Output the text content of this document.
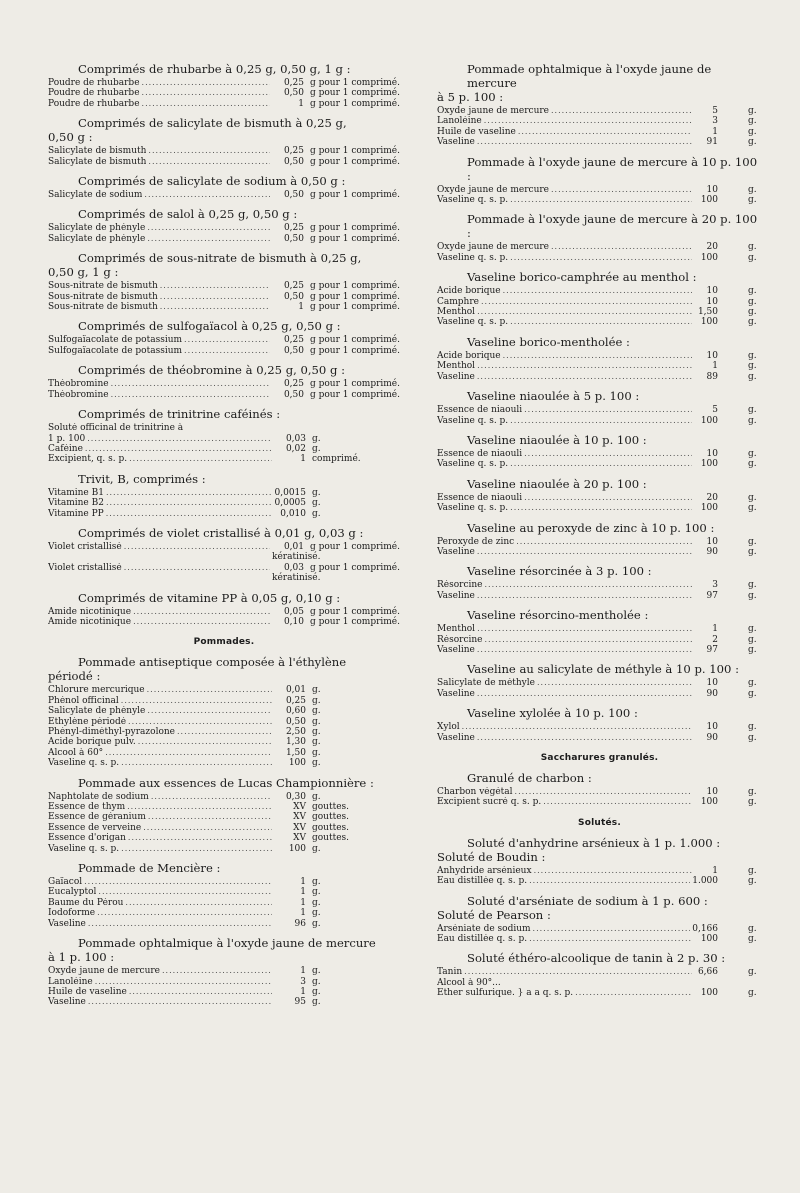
Comprimés de rhubarbe à 0,25 g, 0,50 g, 1 g :
Poudre de rhubarbe .....	0,25 g pour 1 comprimé.
Poudre de rhubarbe .....	0,50 g pour 1 comprimé.
Poudre de rhubarbe .....	1 g pour 1 comprimé.
Comprimés de salicylate de bismuth à 0,25 g,
0,50 g :
Salicylate de bismuth .....	0,25 g pour 1 comprimé.
Salicylate de bismuth .....	0,50 g pour 1 comprimé.
Comprimés de salicylate de sodium à 0,50 g :
Salicylate de sodium .....	0,50 g pour 1 comprimé.
Comprimés de salol à 0,25 g, 0,50 g :
Salicylate de phényle .....	0,25 g pour 1 comprimé.
Salicylate de phényle .....	0,50 g pour 1 comprimé.
Comprimés de sous-nitrate de bismuth à 0,25 g,
0,50 g, 1 g :
Sous-nitrate de bismuth .....	0,25 g pour 1 comprimé.
Sous-nitrate de bismuth .....	0,50 g pour 1 comprimé.
Sous-nitrate de bismuth .....	1 g pour 1 comprimé.
Comprimés de sulfogaïacol à 0,25 g, 0,50 g :
Sulfogaïacolate de potassium .....	0,25 g pour 1 comprimé.
Sulfogaïacolate de potassium .....	0,50 g pour 1 comprimé.
Comprimés de théobromine à 0,25 g, 0,50 g :
Théobromine .....	0,25 g pour 1 comprimé.
Théobromine .....	0,50 g pour 1 comprimé.
Comprimés de trinitrine caféinés :
Soluté officinal de trinitrine à
1 p. 100 .....	0,03 g.
Caféine .....	0,02 g.
Excipient, q. s. p. .....	1 comprimé.
Trivit, B, comprimés :
Vitamine B1 .....	0,0015 g.
Vitamine B2 .....	0,0005 g.
Vitamine PP .....	0,010 g.
Comprimés de violet cristallisé à 0,01 g, 0,03 g :
Violet cristallisé .....	0,01 g pour 1 comprimé.
kératinisé.
Violet cristallisé .....	0,03 g pour 1 comprimé.
kératinisé.
Comprimés de vitamine PP à 0,05 g, 0,10 g :
Amide nicotinique .....	0,05 g pour 1 comprimé.
Amide nicotinique .....	0,10 g pour 1 comprimé.
Pommades.
Pommade antiseptique composée à l'éthylène
périodé :
Chlorure mercurique .....	0,01 g.
Phénol officinal .....	0,25 g.
Salicylate de phényle .....	0,60 g.
Ethylène périodé .....	0,50 g.
Phényl-diméthyl-pyrazolone .....	2,50 g.
Acide borique pulv. .....	1,30 g.
Alcool à 60° .....	1,50 g.
Vaseline q. s. p. .....	100 g.
Pommade aux essences de Lucas Championnière :
Naphtolate de sodium .....	0,30 g.
Essence de thym .....	XV gouttes.
Essence de géranium .....	XV gouttes.
Essence de verveine .....	XV gouttes.
Essence d'origan .....	XV gouttes.
Vaseline q. s. p. .....	100 g.
Pommade de Mencière :
Gaïacol .....	1 g.
Eucalyptol .....	1 g.
Baume du Pérou .....	1 g.
Iodoforme .....	1 g.
Vaseline .....	96 g.
Pommade ophtalmique à l'oxyde jaune de mercure
à 1 p. 100 :
Oxyde jaune de mercure .....	1 g.
Lanoléine .....	3 g.
Huile de vaseline .....	1 g.
Vaseline .....	95 g.
Pommade ophtalmique à l'oxyde jaune de mercure
à 5 p. 100 :
Oxyde jaune de mercure .....	5	g.
Lanoléine .....	3	g.
Huile de vaseline .....	1	g.
Vaseline .....	91	g.
Pommade à l'oxyde jaune de mercure à 10 p. 100 :
Oxyde jaune de mercure .....	10	g.
Vaseline q. s. p. .....	100	g.
Pommade à l'oxyde jaune de mercure à 20 p. 100 :
Oxyde jaune de mercure .....	20	g.
Vaseline q. s. p. .....	100	g.
Vaseline borico-camphrée au menthol :
Acide borique .....	10	g.
Camphre .....	10	g.
Menthol .....	1,50	g.
Vaseline q. s. p. .....	100	g.
Vaseline borico-mentholée :
Acide borique .....	10	g.
Menthol .....	1	g.
Vaseline .....	89	g.
Vaseline niaoulée à 5 p. 100 :
Essence de niaouli .....	5	g.
Vaseline q. s. p. .....	100	g.
Vaseline niaoulée à 10 p. 100 :
Essence de niaouli .....	10	g.
Vaseline q. s. p. .....	100	g.
Vaseline niaoulée à 20 p. 100 :
Essence de niaouli .....	20	g.
Vaseline q. s. p. .....	100	g.
Vaseline au peroxyde de zinc à 10 p. 100 :
Peroxyde de zinc .....	10	g.
Vaseline .....	90	g.
Vaseline résorcinée à 3 p. 100 :
Résorcine .....	3	g.
Vaseline .....	97	g.
Vaseline résorcino-mentholée :
Menthol .....	1	g.
Résorcine .....	2	g.
Vaseline .....	97	g.
Vaseline au salicylate de méthyle à 10 p. 100 :
Salicylate de méthyle .....	10	g.
Vaseline .....	90	g.
Vaseline xylolée à 10 p. 100 :
Xylol .....	10	g.
Vaseline .....	90	g.
Saccharures granulés.
Granulé de charbon :
Charbon végétal .....	10	g.
Excipient sucré q. s. p. .....	100	g.
Solutés.
Soluté d'anhydrine arsénieux à 1 p. 1.000 :
Soluté de Boudin :
Anhydride arsénieux .....	1	g.
Eau distillée q. s. p. .....	1.000	g.
Soluté d'arséniate de sodium à 1 p. 600 :
Soluté de Pearson :
Arséniate de sodium .....	0,166	g.
Eau distillée q. s. p. .....	100	g.
Soluté éthéro-alcoolique de tanin à 2 p. 30 :
Tanin .....	6,66	g.
Alcool à 90°...
Ether sulfurique. } a a q. s. p. .....	100	g.
